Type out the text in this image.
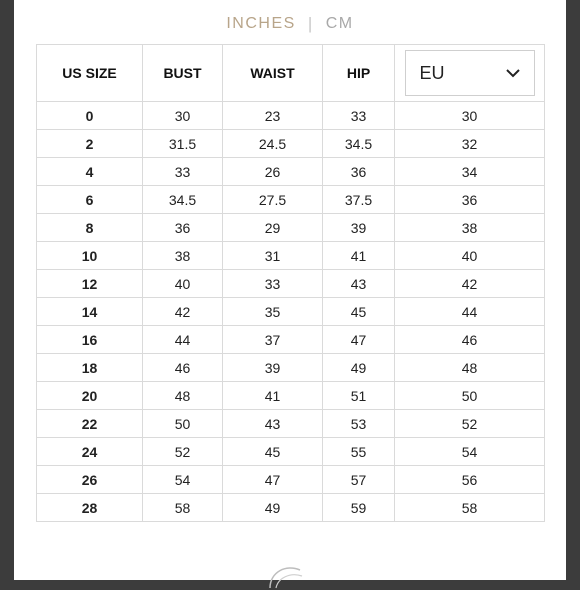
INCHES | CM
US SIZE	BUST	WAIST	HIP	EU

0	30	23	33	30
2	31.5	24.5	34.5	32
4	33	26	36	34
6	34.5	27.5	37.5	36
8	36	29	39	38
10	38	31	41	40
12	40	33	43	42
14	42	35	45	44
16	44	37	47	46
18	46	39	49	48
20	48	41	51	50
22	50	43	53	52
24	52	45	55	54
26	54	47	57	56
28	58	49	59	58
